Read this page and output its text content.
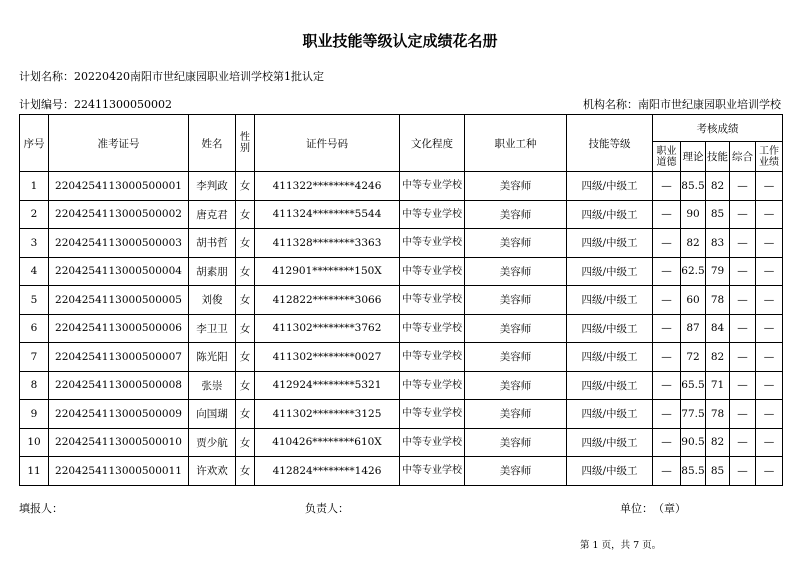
职业技能等级认定成绩花名册
计划名称：20220420南阳市世纪康园职业培训学校第1批认定
计划编号：22411300050002	机构名称：南阳市世纪康园职业培训学校
序号	准考证号	姓名	性别	证件号码	文化程度	职业工种	技能等级	考核成绩				
								职业道德	理论	技能	综合	工作业绩
1	2204254113000500001	李判政	女	411322********4246	中等专业学校	美容师	四级/中级工	—	85.5	82	—	—
2	2204254113000500002	唐克君	女	411324********5544	中等专业学校	美容师	四级/中级工	—	90	85	—	—
3	2204254113000500003	胡书哲	女	411328********3363	中等专业学校	美容师	四级/中级工	—	82	83	—	—
4	2204254113000500004	胡素朋	女	412901********150X	中等专业学校	美容师	四级/中级工	—	62.5	79	—	—
5	2204254113000500005	刘俊	女	412822********3066	中等专业学校	美容师	四级/中级工	—	60	78	—	—
6	2204254113000500006	李卫卫	女	411302********3762	中等专业学校	美容师	四级/中级工	—	87	84	—	—
7	2204254113000500007	陈光阳	女	411302********0027	中等专业学校	美容师	四级/中级工	—	72	82	—	—
8	2204254113000500008	张崇	女	412924********5321	中等专业学校	美容师	四级/中级工	—	65.5	71	—	—
9	2204254113000500009	向国瑚	女	411302********3125	中等专业学校	美容师	四级/中级工	—	77.5	78	—	—
10	2204254113000500010	贾少航	女	410426********610X	中等专业学校	美容师	四级/中级工	—	90.5	82	—	—
11	2204254113000500011	许欢欢	女	412824********1426	中等专业学校	美容师	四级/中级工	—	85.5	85	—	—
填报人：	负责人：	单位：　（章）
第 1 页，共 7 页。
